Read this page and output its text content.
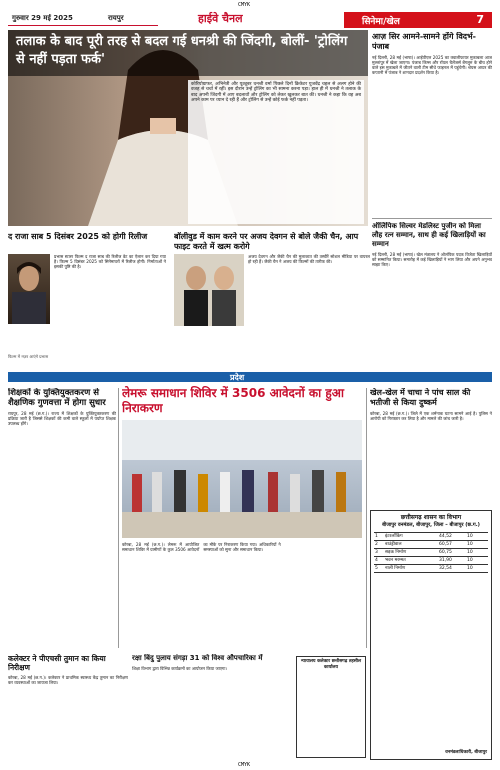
CMYK
CMYK
गुरुवार 29 मई 2025	रायपुर	हाईवे चैनल	सिनेमा/खेल	7
तलाक के बाद पूरी तरह से बदल गई धनश्री की जिंदगी, बोलीं- 'ट्रोलिंग से नहीं पड़ता फर्क'
कोरियोग्राफर, अभिनेत्री और यूट्यूबर धनश्री वर्मा पिछले दिनों क्रिकेटर युजवेंद्र चहल से अलग होने की वजह से चर्चा में रहीं। इस दौरान उन्हें ट्रोलिंग का भी सामना करना पड़ा। हाल ही में धनश्री ने तलाक के बाद अपनी जिंदगी में आए बदलावों और ट्रोलिंग को लेकर खुलकर बात की। धनश्री ने कहा कि वह अब अपने काम पर ध्यान दे रही हैं और ट्रोलिंग से उन्हें कोई फर्क नहीं पड़ता।
आज़ सिर आमने-सामने होंगे विदर्भ-पंजाब
नई दिल्ली, 28 मई (भाषा)। आईपीएल 2025 का क्वालीफायर मुकाबला आज मुल्लांपुर में खेला जाएगा। पंजाब किंग्स और रॉयल चैलेंजर्स बेंगलुरु के बीच होने वाले इस मुकाबले में जीतने वाली टीम सीधे फाइनल में पहुंचेगी। श्रेयस अय्यर की कप्तानी में पंजाब ने शानदार प्रदर्शन किया है।
ऑलिंपिक सिल्वर मेडलिस्ट पुजीन को मिला लौह रत्न सम्मान, साथ ही कई खिलाड़ियों का सम्मान
नई दिल्ली, 28 मई (भाषा)। खेल मंत्रालय ने ओलंपिक पदक विजेता खिलाड़ियों को सम्मानित किया। समारोह में कई खिलाड़ियों ने भाग लिया और अपने अनुभव साझा किए।
द राजा साब 5 दिसंबर 2025 को होगी रिलीज
प्रभास स्टारर फिल्म द राजा साब की रिलीज डेट का ऐलान कर दिया गया है। फिल्म 5 दिसंबर 2025 को सिनेमाघरों में रिलीज होगी। निर्माताओं ने इसकी पुष्टि की है।
फिल्म में नज़र आएंगे प्रभास
बॉलीवुड में काम करने पर अजय देवगन से बोले जैकी चैन, आप फाइट करते में खत्म करोगे
अजय देवगन और जैकी चैन की मुलाकात की तस्वीरें सोशल मीडिया पर वायरल हो रही हैं। जैकी चैन ने अजय की फिल्मों की तारीफ की।
प्रदेश
शिक्षकों के युक्तियुक्तकरण से शैक्षणिक गुणवत्ता में होगा सुधार
रायपुर, 28 मई (छ.ग.)। राज्य में शिक्षकों के युक्तियुक्तकरण की प्रक्रिया जारी है जिससे शिक्षकों की कमी वाले स्कूलों में पर्याप्त शिक्षक उपलब्ध होंगे।
लेमरू समाधान शिविर में 3506 आवेदनों का हुआ निराकरण
कोरबा, 28 मई (छ.ग.)। लेमरू में आयोजित समाधान शिविर में ग्रामीणों के कुल 3506 आवेदनों का मौके पर निराकरण किया गया। अधिकारियों ने समस्याओं को सुना और समाधान किया।
खेल-खेल में चाचा ने पांच साल की भतीजी से किया दुष्कर्म
कोरबा, 28 मई (छ.ग.)। जिले में एक शर्मनाक घटना सामने आई है। पुलिस ने आरोपी को गिरफ्तार कर लिया है और मामले की जांच जारी है।
छत्तीसगढ़ शासन का विभाग
बीजापुर वनमंडल, बीजापुर, जिला – बीजापुर (छ.ग.)
1	इंटरलॉकिंग	44,52	10
2	बाउंड्रीवाल	60,57	10
3	सड़क निर्माण	60,75	10
4	भवन मरम्मत	31,90	10
5	नाली निर्माण	32,54	10
वनमंडलाधिकारी, बीजापुर
कलेक्टर ने पीएचसी तुमान का किया निरीक्षण
कोरबा, 28 मई (छ.ग.)। कलेक्टर ने प्राथमिक स्वास्थ्य केंद्र तुमान का निरीक्षण कर व्यवस्थाओं का जायजा लिया।
रक्षा बिंदु पुलाय संगड़ा 31 को विश्व औपचारिका में
शिक्षा विभाग द्वारा विभिन्न कार्यक्रमों का आयोजन किया जाएगा।
न्यायालय कलेक्टर छत्तीसगढ़ तहसील कार्यालय
